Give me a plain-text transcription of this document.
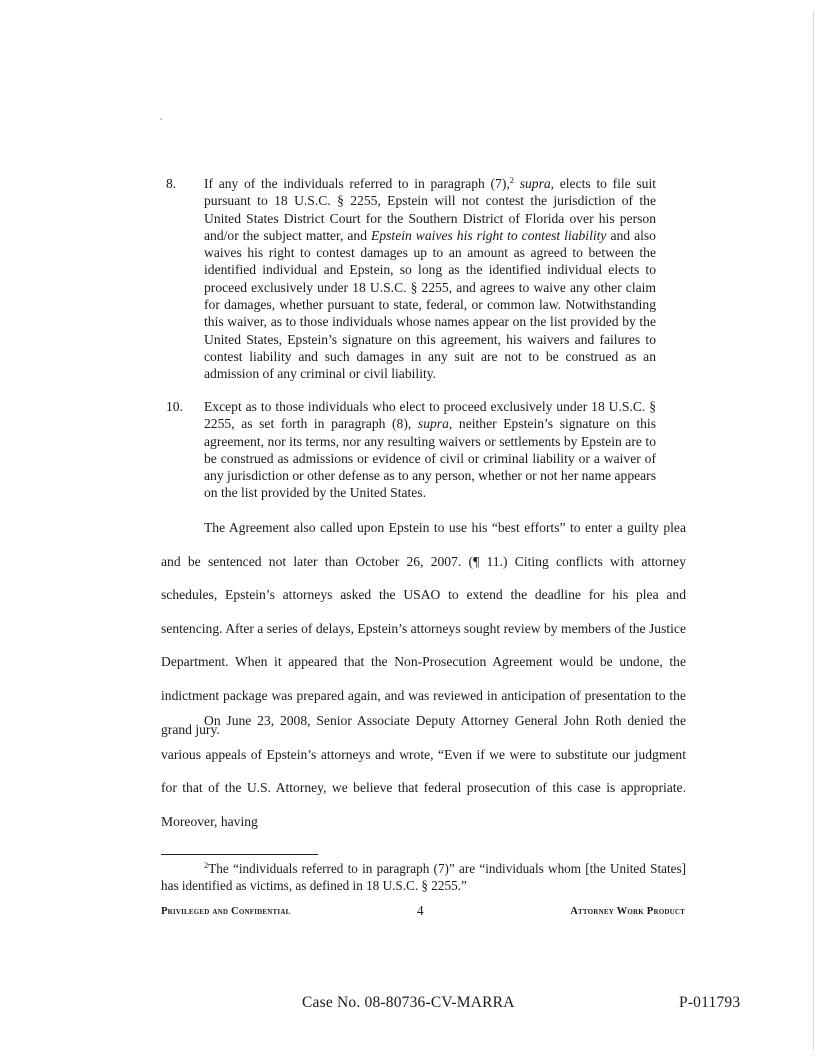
8. If any of the individuals referred to in paragraph (7),$^2$ supra, elects to file suit pursuant to 18 U.S.C. § 2255, Epstein will not contest the jurisdiction of the United States District Court for the Southern District of Florida over his person and/or the subject matter, and Epstein waives his right to contest liability and also waives his right to contest damages up to an amount as agreed to between the identified individual and Epstein, so long as the identified individual elects to proceed exclusively under 18 U.S.C. § 2255, and agrees to waive any other claim for damages, whether pursuant to state, federal, or common law. Notwithstanding this waiver, as to those individuals whose names appear on the list provided by the United States, Epstein’s signature on this agreement, his waivers and failures to contest liability and such damages in any suit are not to be construed as an admission of any criminal or civil liability.

10. Except as to those individuals who elect to proceed exclusively under 18 U.S.C. § 2255, as set forth in paragraph (8), supra, neither Epstein’s signature on this agreement, nor its terms, nor any resulting waivers or settlements by Epstein are to be construed as admissions or evidence of civil or criminal liability or a waiver of any jurisdiction or other defense as to any person, whether or not her name appears on the list provided by the United States.

The Agreement also called upon Epstein to use his “best efforts” to enter a guilty plea and be sentenced not later than October 26, 2007. (¶ 11.) Citing conflicts with attorney schedules, Epstein’s attorneys asked the USAO to extend the deadline for his plea and sentencing. After a series of delays, Epstein’s attorneys sought review by members of the Justice Department. When it appeared that the Non-Prosecution Agreement would be undone, the indictment package was prepared again, and was reviewed in anticipation of presentation to the grand jury.

On June 23, 2008, Senior Associate Deputy Attorney General John Roth denied the various appeals of Epstein’s attorneys and wrote, “Even if we were to substitute our judgment for that of the U.S. Attorney, we believe that federal prosecution of this case is appropriate. Moreover, having

$^2$The “individuals referred to in paragraph (7)” are “individuals whom [the United States] has identified as victims, as defined in 18 U.S.C. § 2255.”

Privileged and Confidential	4	Attorney Work Product
Case No. 08-80736-CV-MARRA	P-011793
